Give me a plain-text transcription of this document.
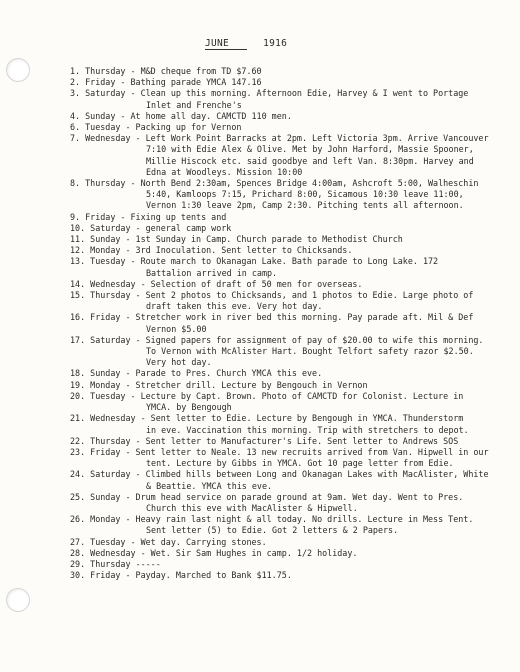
JUNE	1916
1. Thursday - M&D cheque from TD $7.60
2. Friday - Bathing parade YMCA 147.16
3. Saturday - Clean up this morning. Afternoon Edie, Harvey & I went to Portage
Inlet and Frenche's
4. Sunday - At home all day. CAMCTD 110 men.
6. Tuesday - Packing up for Vernon
7. Wednesday - Left Work Point Barracks at 2pm. Left Victoria 3pm. Arrive Vancouver
7:10 with Edie Alex & Olive. Met by John Harford, Massie Spooner,
Millie Hiscock etc. said goodbye and left Van. 8:30pm. Harvey and
Edna at Woodleys. Mission 10:00
8. Thursday - North Bend 2:30am, Spences Bridge 4:00am, Ashcroft 5:00, Walheschin
5:40, Kamloops 7:15, Prichard 8:00, Sicamous 10:30 leave 11:00,
Vernon 1:30 leave 2pm, Camp 2:30. Pitching tents all afternoon.
9. Friday - Fixing up tents and
10. Saturday - general camp work
11. Sunday - 1st Sunday in Camp. Church parade to Methodist Church
12. Monday - 3rd Inoculation. Sent letter to Chicksands.
13. Tuesday - Route march to Okanagan Lake. Bath parade to Long Lake. 172
Battalion arrived in camp.
14. Wednesday - Selection of draft of 50 men for overseas.
15. Thursday - Sent 2 photos to Chicksands, and 1 photos to Edie. Large photo of
draft taken this eve. Very hot day.
16. Friday - Stretcher work in river bed this morning. Pay parade aft. Mil & Def
Vernon $5.00
17. Saturday - Signed papers for assignment of pay of $20.00 to wife this morning.
To Vernon with McAlister Hart. Bought Telfort safety razor $2.50.
Very hot day.
18. Sunday - Parade to Pres. Church YMCA this eve.
19. Monday - Stretcher drill. Lecture by Bengouch in Vernon
20. Tuesday - Lecture by Capt. Brown. Photo of CAMCTD for Colonist. Lecture in
YMCA. by Bengough
21. Wednesday - Sent letter to Edie. Lecture by Bengough in YMCA. Thunderstorm
in eve. Vaccination this morning. Trip with stretchers to depot.
22. Thursday - Sent letter to Manufacturer's Life. Sent letter to Andrews SOS
23. Friday - Sent letter to Neale. 13 new recruits arrived from Van. Hipwell in our
tent. Lecture by Gibbs in YMCA. Got 10 page letter from Edie.
24. Saturday - Climbed hills between Long and Okanagan Lakes with MacAlister, White
& Beattie. YMCA this eve.
25. Sunday - Drum head service on parade ground at 9am. Wet day. Went to Pres.
Church this eve with MacAlister & Hipwell.
26. Monday - Heavy rain last night & all today. No drills. Lecture in Mess Tent.
Sent letter (5) to Edie. Got 2 letters & 2 Papers.
27. Tuesday - Wet day. Carrying stones.
28. Wednesday - Wet. Sir Sam Hughes in camp. 1/2 holiday.
29. Thursday -----
30. Friday - Payday. Marched to Bank $11.75.
